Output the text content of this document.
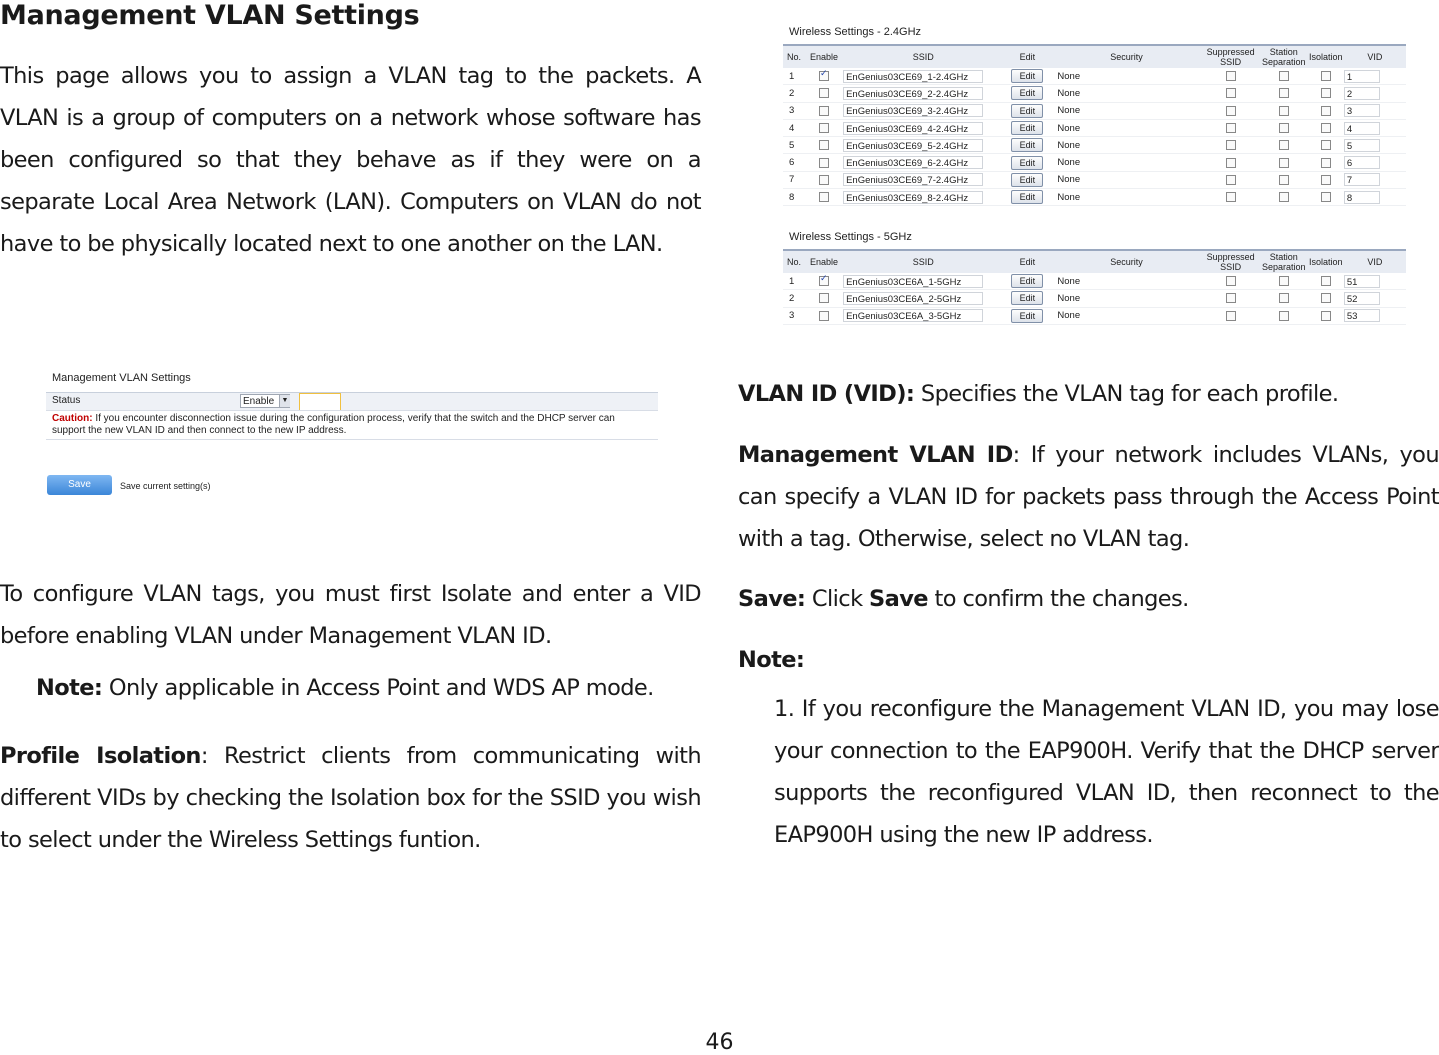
Management VLAN Settings

This page allows you to assign a VLAN tag to the packets. A VLAN is a group of computers on a network whose software has been configured so that they behave as if they were on a separate Local Area Network (LAN). Computers on VLAN do not have to be physically located next to one another on the LAN.

Management VLAN Settings
Status	Enable	▼
Caution: If you encounter disconnection issue during the configuration process, verify that the switch and the DHCP server can
support the new VLAN ID and then connect to the new IP address.
Save	Save current setting(s)

To configure VLAN tags, you must first Isolate and enter a VID before enabling VLAN under Management VLAN ID.

Note: Only applicable in Access Point and WDS AP mode.

Profile Isolation: Restrict clients from communicating with different VIDs by checking the Isolation box for the SSID you wish to select under the Wireless Settings funtion.

Wireless Settings - 2.4GHz
No.	Enable	SSID	Edit	Security	Suppressed SSID	Station Separation	Isolation	VID
1	✓	EnGenius03CE69_1-2.4GHz	Edit	None				1
2		EnGenius03CE69_2-2.4GHz	Edit	None				2
3		EnGenius03CE69_3-2.4GHz	Edit	None				3
4		EnGenius03CE69_4-2.4GHz	Edit	None				4
5		EnGenius03CE69_5-2.4GHz	Edit	None				5
6		EnGenius03CE69_6-2.4GHz	Edit	None				6
7		EnGenius03CE69_7-2.4GHz	Edit	None				7
8		EnGenius03CE69_8-2.4GHz	Edit	None				8
Wireless Settings - 5GHz
No.	Enable	SSID	Edit	Security	Suppressed SSID	Station Separation	Isolation	VID
1	✓	EnGenius03CE6A_1-5GHz	Edit	None				51
2		EnGenius03CE6A_2-5GHz	Edit	None				52
3		EnGenius03CE6A_3-5GHz	Edit	None				53

VLAN ID (VID): Specifies the VLAN tag for each profile.

Management VLAN ID: If your network includes VLANs, you can specify a VLAN ID for packets pass through the Access Point with a tag. Otherwise, select no VLAN tag.

Save: Click Save to confirm the changes.

Note:

1. If you reconfigure the Management VLAN ID, you may lose your connection to the EAP900H. Verify that the DHCP server supports the reconfigured VLAN ID, then reconnect to the EAP900H using the new IP address.

46
